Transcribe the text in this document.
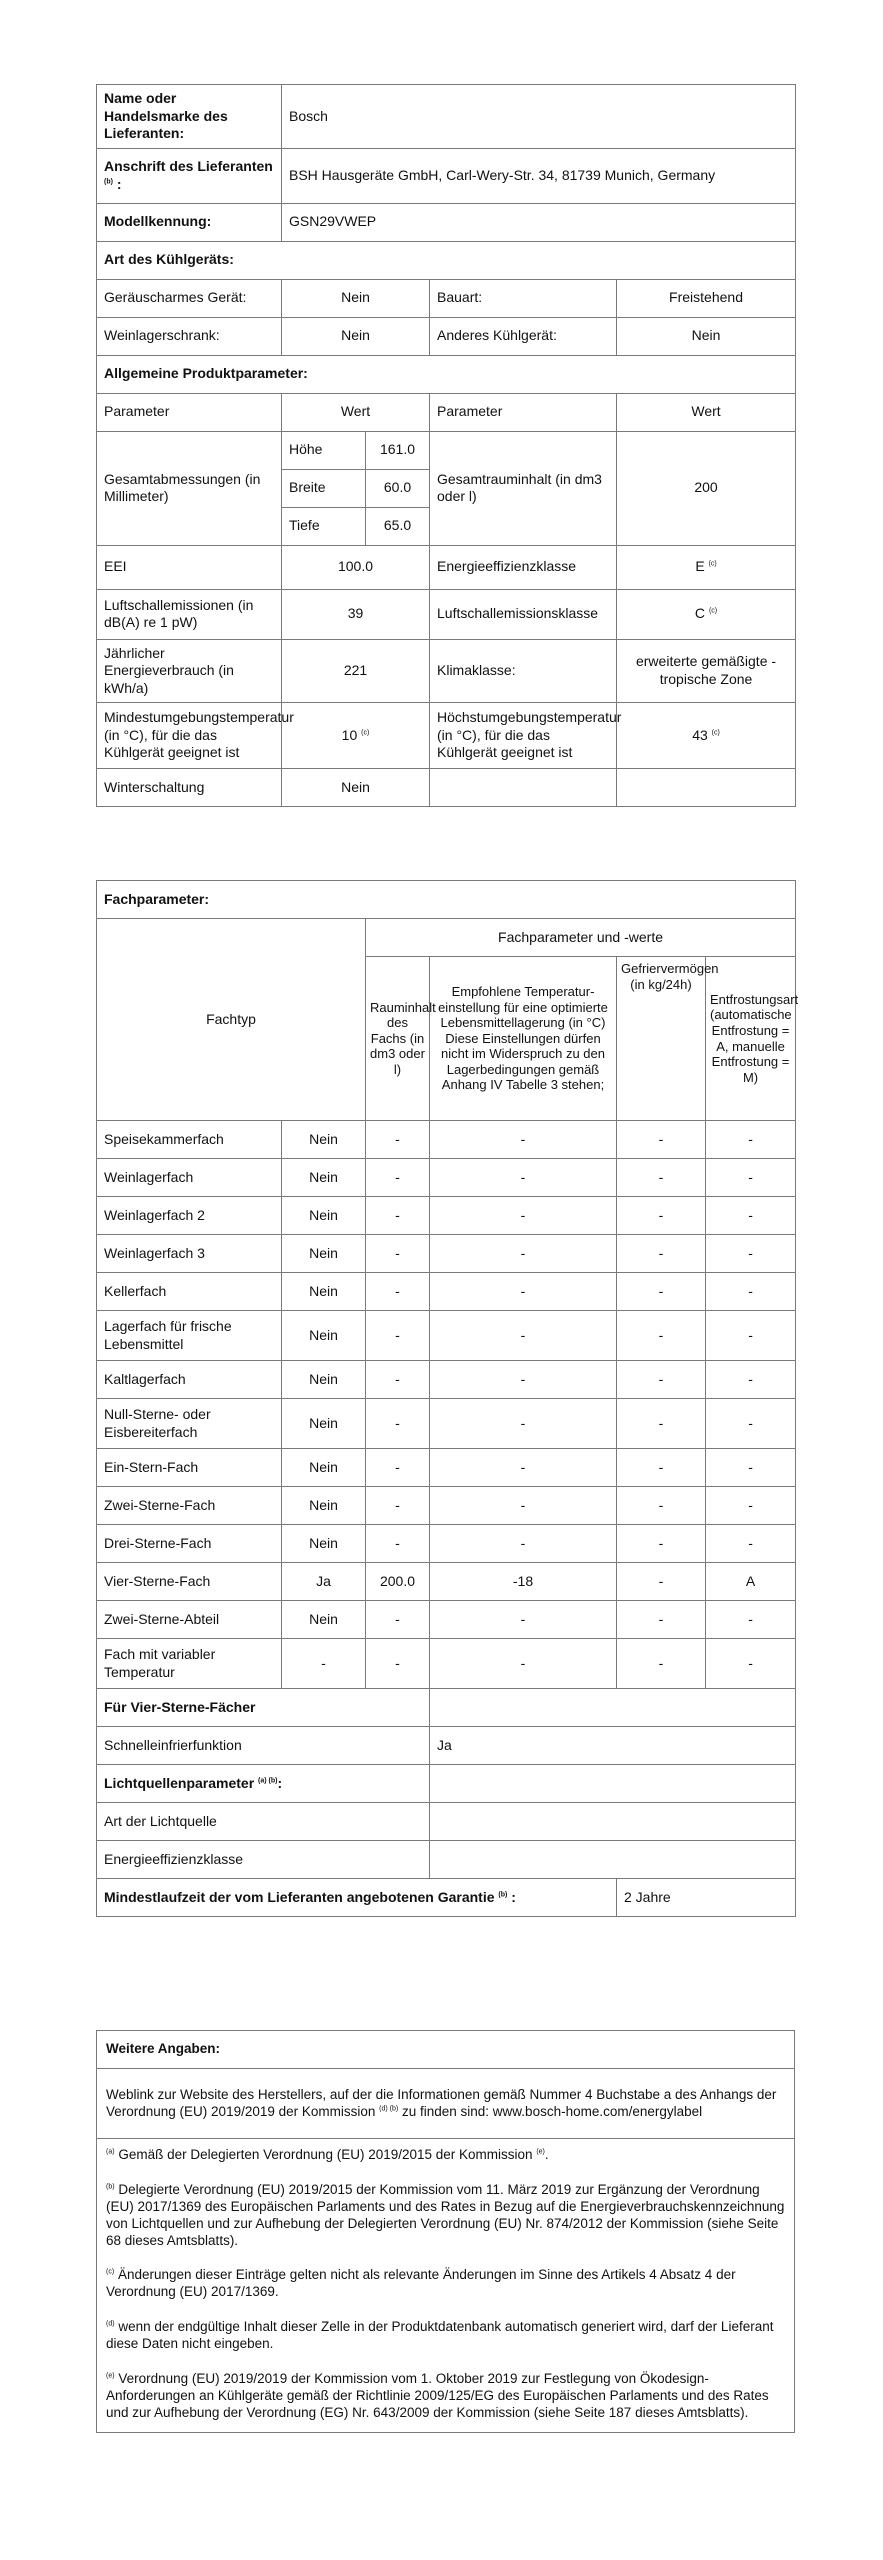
Name oder Handelsmarke des Lieferanten:	Bosch			
Anschrift des Lieferanten $^{(b)}$ :	BSH Hausgeräte GmbH, Carl-Wery-Str. 34, 81739 Munich, Germany			
Modellkennung:	GSN29VWEP			
Art des Kühlgeräts:				
Geräuscharmes Gerät:	Nein		Bauart:	Freistehend
Weinlagerschrank:	Nein		Anderes Kühlgerät:	Nein
Allgemeine Produktparameter:				
Parameter	Wert		Parameter	Wert
Gesamtabmessungen (in Millimeter)	Höhe	161.0	Gesamtrauminhalt (in dm3 oder l)	200
	Breite	60.0		
	Tiefe	65.0		
EEI	100.0		Energieeffizienzklasse	E $^{(c)}$
Luftschallemissionen (in dB(A) re 1 pW)	39		Luftschallemissionsklasse	C $^{(c)}$
Jährlicher Energieverbrauch (in kWh/a)	221		Klimaklasse:	erweiterte gemäßigte - tropische Zone
Mindestumgebungstemperatur (in °C), für die das Kühlgerät geeignet ist	10 $^{(c)}$		Höchstumgebungstemperatur (in °C), für die das Kühlgerät geeignet ist	43 $^{(c)}$
Winterschaltung	Nein			
Fachparameter:					
Fachtyp		Fachparameter und -werte			
		Rauminhalt des Fachs (in dm3 oder l)	Empfohlene Temperatur-einstellung für eine optimierte Lebensmittellagerung (in °C) Diese Einstellungen dürfen nicht im Widerspruch zu den Lagerbedingungen gemäß Anhang IV Tabelle 3 stehen;	Gefriervermögen (in kg/24h)	Entfrostungsart (automatische Entfrostung = A, manuelle Entfrostung = M)
Speisekammerfach	Nein	-	-	-	-
Weinlagerfach	Nein	-	-	-	-
Weinlagerfach 2	Nein	-	-	-	-
Weinlagerfach 3	Nein	-	-	-	-
Kellerfach	Nein	-	-	-	-
Lagerfach für frische Lebensmittel	Nein	-	-	-	-
Kaltlagerfach	Nein	-	-	-	-
Null-Sterne- oder Eisbereiterfach	Nein	-	-	-	-
Ein-Stern-Fach	Nein	-	-	-	-
Zwei-Sterne-Fach	Nein	-	-	-	-
Drei-Sterne-Fach	Nein	-	-	-	-
Vier-Sterne-Fach	Ja	200.0	-18	-	A
Zwei-Sterne-Abteil	Nein	-	-	-	-
Fach mit variabler Temperatur	-	-	-	-	-
Für Vier-Sterne-Fächer					
Schnelleinfrierfunktion			Ja		
Lichtquellenparameter $^{(a) (b)}$:					
Art der Lichtquelle					
Energieeffizienzklasse					
Mindestlaufzeit der vom Lieferanten angebotenen Garantie $^{(b)}$ :				2 Jahre	
Weitere Angaben:
Weblink zur Website des Herstellers, auf der die Informationen gemäß Nummer 4 Buchstabe a des Anhangs der Verordnung (EU) 2019/2019 der Kommission $^{(d) (b)}$ zu finden sind: www.bosch-home.com/energylabel

$^{(a)}$ Gemäß der Delegierten Verordnung (EU) 2019/2015 der Kommission $^{(e)}$.
$^{(b)}$ Delegierte Verordnung (EU) 2019/2015 der Kommission vom 11. März 2019 zur Ergänzung der Verordnung (EU) 2017/1369 des Europäischen Parlaments und des Rates in Bezug auf die Energieverbrauchskennzeichnung von Lichtquellen und zur Aufhebung der Delegierten Verordnung (EU) Nr. 874/2012 der Kommission (siehe Seite 68 dieses Amtsblatts).
$^{(c)}$ Änderungen dieser Einträge gelten nicht als relevante Änderungen im Sinne des Artikels 4 Absatz 4 der Verordnung (EU) 2017/1369.
$^{(d)}$ wenn der endgültige Inhalt dieser Zelle in der Produktdatenbank automatisch generiert wird, darf der Lieferant diese Daten nicht eingeben.
$^{(e)}$ Verordnung (EU) 2019/2019 der Kommission vom 1. Oktober 2019 zur Festlegung von Ökodesign-Anforderungen an Kühlgeräte gemäß der Richtlinie 2009/125/EG des Europäischen Parlaments und des Rates und zur Aufhebung der Verordnung (EG) Nr. 643/2009 der Kommission (siehe Seite 187 dieses Amtsblatts).
